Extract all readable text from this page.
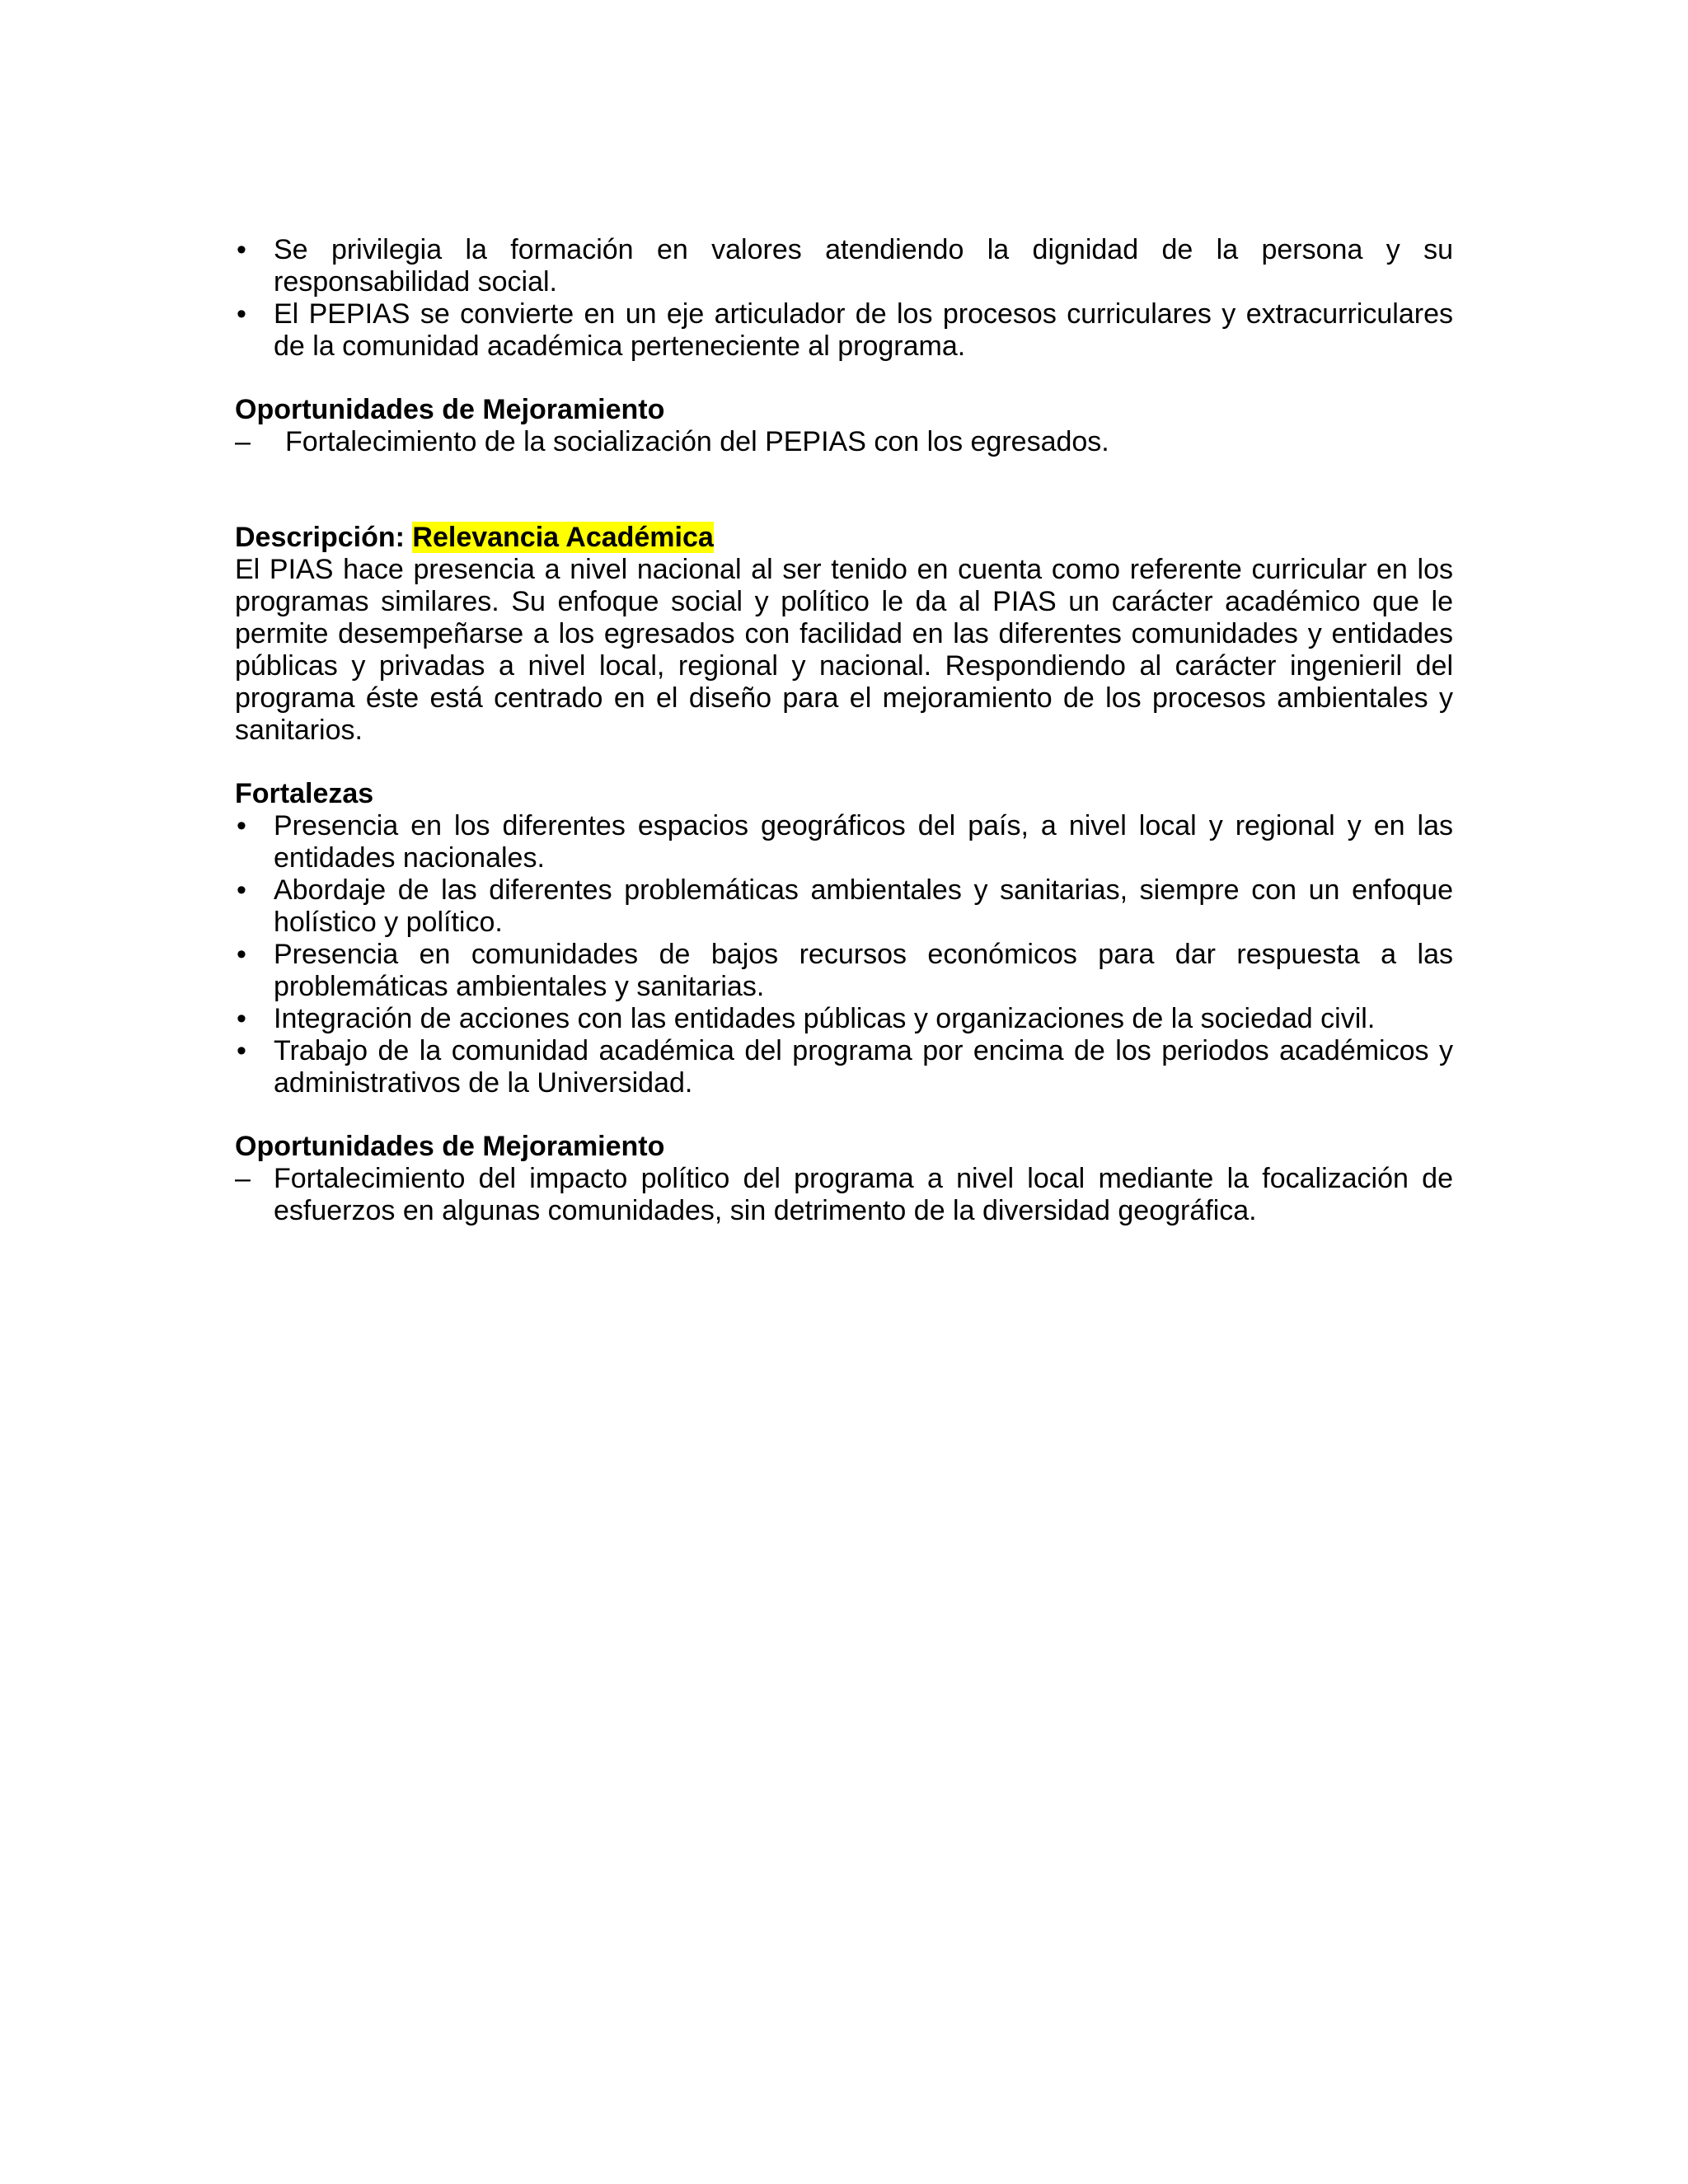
• Se privilegia la formación en valores atendiendo la dignidad de la persona y su responsabilidad social.
• El PEPIAS se convierte en un eje articulador de los procesos curriculares y extracurriculares de la comunidad académica perteneciente al programa.

Oportunidades de Mejoramiento

– Fortalecimiento de la socialización del PEPIAS con los egresados.

Descripción: Relevancia Académica

El PIAS hace presencia a nivel nacional al ser tenido en cuenta como referente curricular en los programas similares. Su enfoque social y político le da al PIAS un carácter académico que le permite desempeñarse a los egresados con facilidad en las diferentes comunidades y entidades públicas y privadas a nivel local, regional y nacional. Respondiendo al carácter ingenieril del programa éste está centrado en el diseño para el mejoramiento de los procesos ambientales y sanitarios.

Fortalezas

• Presencia en los diferentes espacios geográficos del país, a nivel local y regional y en las entidades nacionales.
• Abordaje de las diferentes problemáticas ambientales y sanitarias, siempre con un enfoque holístico y político.
• Presencia en comunidades de bajos recursos económicos para dar respuesta a las problemáticas ambientales y sanitarias.
• Integración de acciones con las entidades públicas y organizaciones de la sociedad civil.
• Trabajo de la comunidad académica del programa por encima de los periodos académicos y administrativos de la Universidad.

Oportunidades de Mejoramiento

– Fortalecimiento del impacto político del programa a nivel local mediante la focalización de esfuerzos en algunas comunidades, sin detrimento de la diversidad geográfica.
